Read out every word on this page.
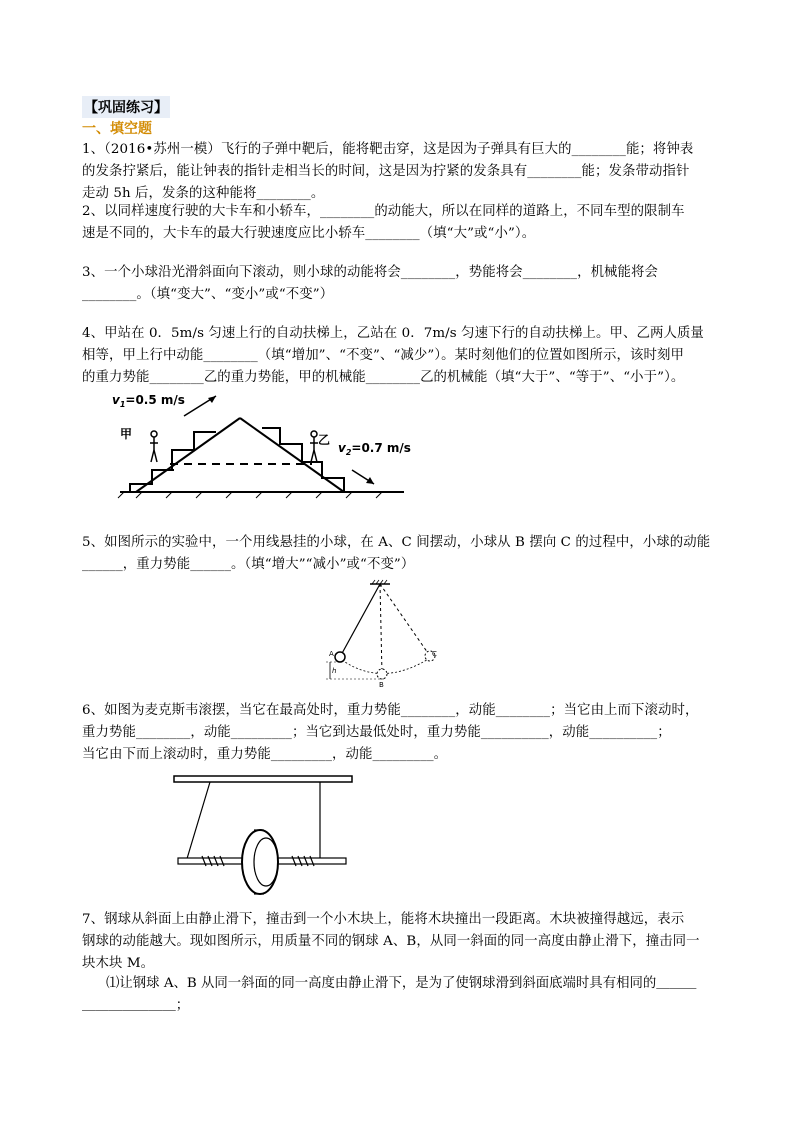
【巩固练习】
一、填空题
1、（2016•苏州一模）飞行的子弹中靶后，能将靶击穿，这是因为子弹具有巨大的________能；将钟表
的发条拧紧后，能让钟表的指针走相当长的时间，这是因为拧紧的发条具有________能；发条带动指针
走动 5h 后，发条的这种能将________。
2、以同样速度行驶的大卡车和小轿车，________的动能大，所以在同样的道路上，不同车型的限制车
速是不同的，大卡车的最大行驶速度应比小轿车________（填“大”或“小”）。
3、一个小球沿光滑斜面向下滚动，则小球的动能将会________，势能将会________，机械能将会
________。（填“变大”、“变小”或“不变”）
4、甲站在 0．5m/s 匀速上行的自动扶梯上，乙站在 0．7m/s 匀速下行的自动扶梯上。甲、乙两人质量
相等，甲上行中动能________（填“增加”、“不变”、“减少”）。某时刻他们的位置如图所示，该时刻甲
的重力势能________乙的重力势能，甲的机械能________乙的机械能（填“大于”、“等于”、“小于”）。
$v_1=0.5$ m/s
甲	乙
$v_2=0.7$ m/s
5、如图所示的实验中，一个用线悬挂的小球，在 A、C 间摆动，小球从 B 摆向 C 的过程中，小球的动能
______，重力势能______。（填“增大”“减小”或“不变”）
A
h
B
C
6、如图为麦克斯韦滚摆，当它在最高处时，重力势能________，动能________；当它由上而下滚动时，
重力势能________，动能_________；当它到达最低处时，重力势能__________，动能__________；
当它由下而上滚动时，重力势能_________，动能_________。
7、钢球从斜面上由静止滑下，撞击到一个小木块上，能将木块撞出一段距离。木块被撞得越远，表示
钢球的动能越大。现如图所示，用质量不同的钢球 A、B，从同一斜面的同一高度由静止滑下，撞击同一
块木块 M。
⑴让钢球 A、B 从同一斜面的同一高度由静止滑下，是为了使钢球滑到斜面底端时具有相同的＿＿＿
＿＿＿＿＿＿＿；
